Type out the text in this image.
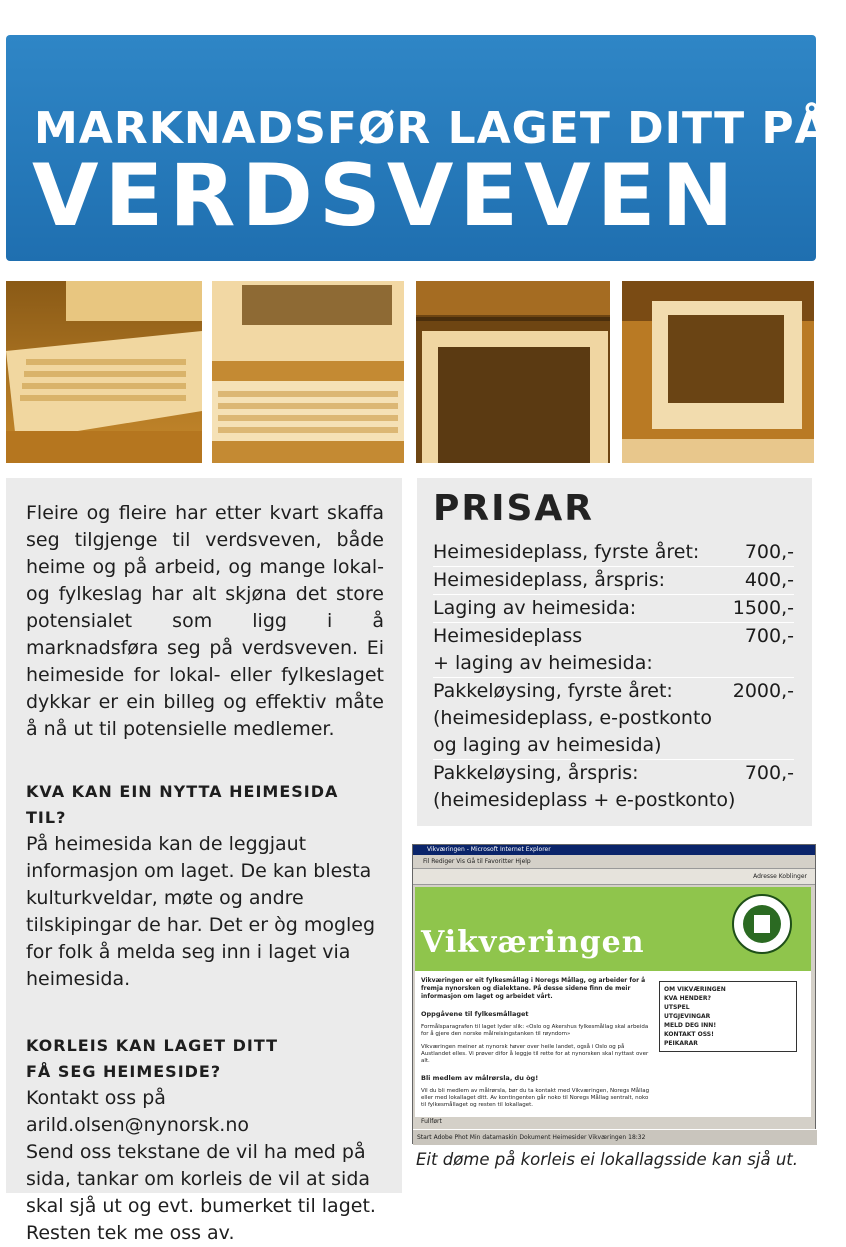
MARKNADSFØR LAGET DITT PÅ
VERDSVEVEN

Fleire og fleire har etter kvart skaffa seg tilgjenge til verdsveven, både heime og på arbeid, og mange lokal- og fylkeslag har alt skjøna det store potensialet som ligg i å marknadsføra seg på verdsveven. Ei heimeside for lokal- eller fylkeslaget dykkar er ein billeg og effektiv måte å nå ut til potensielle medlemer.

KVA KAN EIN NYTTA HEIMESIDA TIL?

På heimesida kan de leggjaut informasjon om laget. De kan blesta kulturkveldar, møte og andre tilskipingar de har. Det er òg mogleg for folk å melda seg inn i laget via heimesida.

KORLEIS KAN LAGET DITT
FÅ SEG HEIMESIDE?

Kontakt oss på arild.olsen@nynorsk.no

Send oss tekstane de vil ha med på sida, tankar om korleis de vil at sida skal sjå ut og evt. bumerket til laget. Resten tek me oss av.

PRISAR
Heimesideplass, fyrste året: 700,-
Heimesideplass, årspris:	400,-
Laging av heimesida:	1500,-
Heimesideplass	700,-
+ laging av heimesida:
Pakkeløysing, fyrste året:	2000,-
(heimesideplass, e-postkonto
og laging av heimesida)
Pakkeløysing, årspris:	700,-
(heimesideplass + e-postkonto)
Vikværingen - Microsoft Internet Explorer
Fil Rediger Vis Gå til Favoritter Hjelp
Adresse Koblinger
Vikværingen
Vikværingen er eit fylkesmållag i Noregs Mållag, og arbeider for å fremja nynorsken og dialektane. På desse sidene finn de meir informasjon om laget og arbeidet vårt.
Oppgåvene til fylkesmållaget

Formålsparagrafen til laget lyder slik: «Oslo og Akershus fylkesmållag skal arbeida for å gjere den norske målreisingstanken til røyndom»

Vikværingen meiner at nynorsk høver over heile landet, også i Oslo og på Austlandet elles. Vi prøver difor å leggje til rette for at nynorsken skal nyttast over alt.

Bli medlem av målrørsla, du òg!

Vil du bli medlem av målrørsla, bør du ta kontakt med Vikværingen, Noregs Mållag eller med lokallaget ditt. Av kontingenten går noko til Noregs Mållag sentralt, noko til fylkesmållaget og resten til lokallaget.

OM VIKVÆRINGEN
KVA HENDER?
UTSPEL
UTGJEVINGAR
MELD DEG INN!
KONTAKT OSS!
PEIKARAR
Fullført
Start Adobe Phot Min datamaskin Dokument Heimesider Vikværingen 18:32
Eit døme på korleis ei lokallagsside kan sjå ut.
